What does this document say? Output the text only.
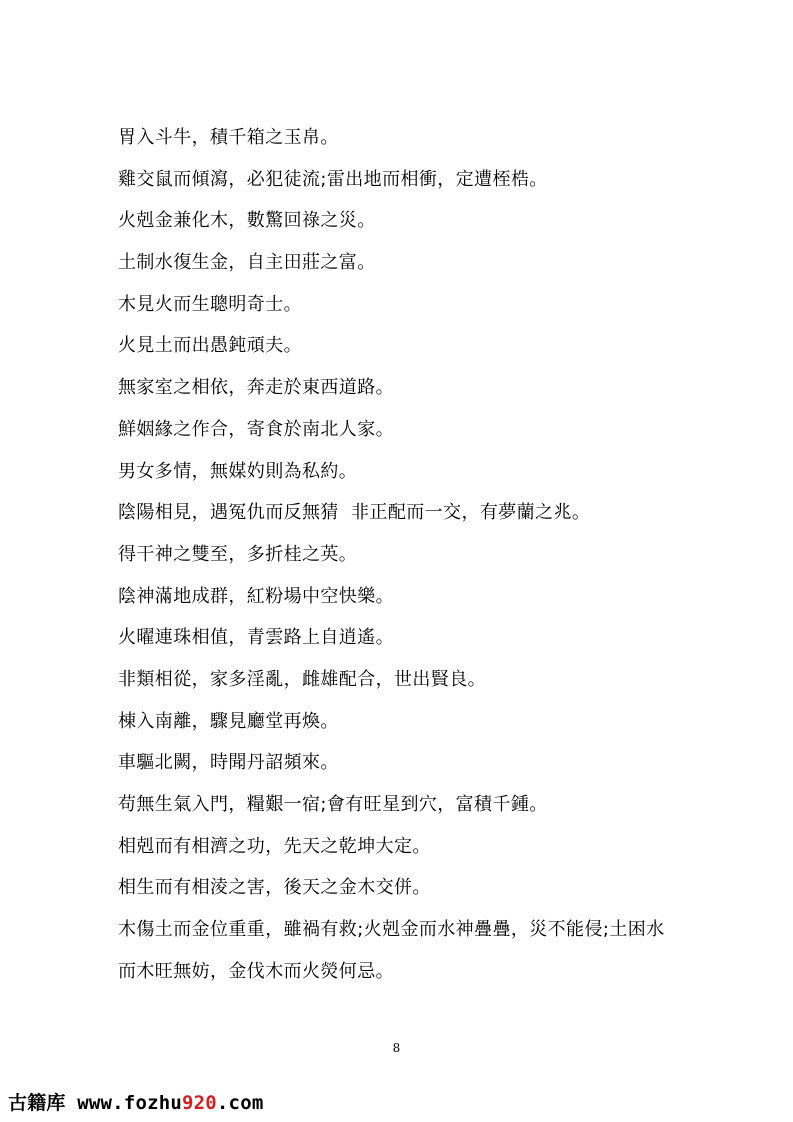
胃入斗牛，積千箱之玉帛。
雞交鼠而傾瀉，必犯徒流;雷出地而相衝，定遭桎梏。
火剋金兼化木，數驚回祿之災。
土制水復生金，自主田莊之富。
木見火而生聰明奇士。
火見土而出愚鈍頑夫。
無家室之相依，奔走於東西道路。
鮮姻緣之作合，寄食於南北人家。
男女多情，無媒妁則為私約。
陰陽相見，遇冤仇而反無猜  非正配而一交，有夢蘭之兆。
得干神之雙至，多折桂之英。
陰神滿地成群，紅粉場中空快樂。
火曜連珠相值，青雲路上自逍遙。
非類相從，家多淫亂，雌雄配合，世出賢良。
棟入南離，驟見廳堂再煥。
車驅北闕，時聞丹詔頻來。
苟無生氣入門，糧艱一宿;會有旺星到穴，富積千鍾。
相剋而有相濟之功，先天之乾坤大定。
相生而有相淩之害，後天之金木交併。
木傷土而金位重重，雖禍有救;火剋金而水神疊疊，災不能侵;土困水
而木旺無妨，金伐木而火熒何忌。
8
古籍库 www.fozhu920.com
